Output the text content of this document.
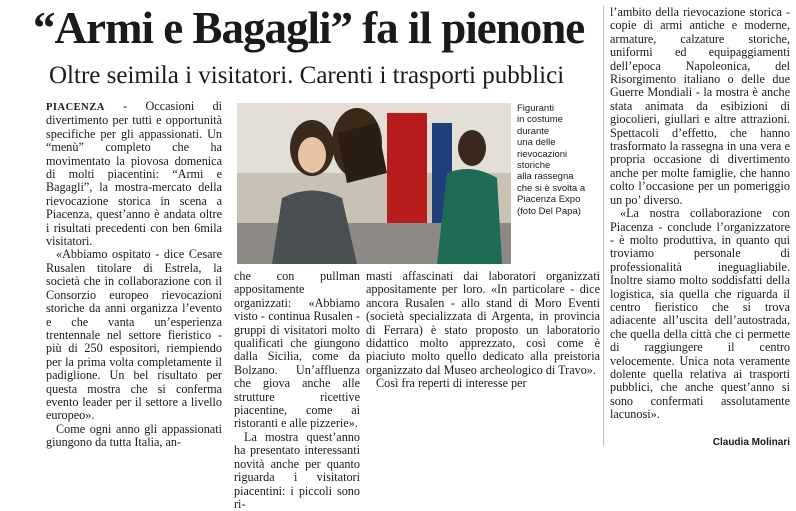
“Armi e Bagagli” fa il pienone
Oltre seimila i visitatori. Carenti i trasporti pubblici

PIACENZA - Occasioni di divertimento per tutti e opportunità specifiche per gli appassionati. Un “menù” completo che ha movimentato la piovosa domenica di molti piacentini: “Armi e Bagagli”, la mostra-mercato della rievocazione storica in scena a Piacenza, quest’anno è andata oltre i risultati precedenti con ben 6mila visitatori.

«Abbiamo ospitato - dice Cesare Rusalen titolare di Estrela, la società che in collaborazione con il Consorzio europeo rievocazioni storiche da anni organizza l’evento e che vanta un’esperienza trentennale nel settore fieristico - più di 250 espositori, riempiendo per la prima volta completamente il padiglione. Un bel risultato per questa mostra che si conferma evento leader per il settore a livello europeo».

Come ogni anno gli appassionati giungono da tutta Italia, an-

Figuranti
in costume
durante
una delle
rievocazioni
storiche
alla rassegna
che si è svolta a
Piacenza Expo
(foto Del Papa)

che con pullman appositamente organizzati: «Abbiamo visto - continua Rusalen - gruppi di visitatori molto qualificati che giungono dalla Sicilia, come da Bolzano. Un’affluenza che giova anche alle strutture ricettive piacentine, come ai ristoranti e alle pizzerie».

La mostra quest’anno ha presentato interessanti novità anche per quanto riguarda i visitatori piacentini: i piccoli sono ri-

masti affascinati dai laboratori organizzati appositamente per loro. «In particolare - dice ancora Rusalen - allo stand di Moro Eventi (società specializzata di Argenta, in provincia di Ferrara) è stato proposto un laboratorio didattico molto apprezzato, così come è piaciuto molto quello dedicato alla preistoria organizzato dal Museo archeologico di Travo».

Così fra reperti di interesse per

l’ambito della rievocazione storica - copie di armi antiche e moderne, armature, calzature storiche, uniformi ed equipaggiamenti dell’epoca Napoleonica, del Risorgimento italiano o delle due Guerre Mondiali - la mostra è anche stata animata da esibizioni di giocolieri, giullari e altre attrazioni. Spettacoli d’effetto, che hanno trasformato la rassegna in una vera e propria occasione di divertimento anche per molte famiglie, che hanno colto l’occasione per un pomeriggio un po’ diverso.

«La nostra collaborazione con Piacenza - conclude l’organizzatore - è molto produttiva, in quanto qui troviamo personale di professionalità ineguagliabile. Inoltre siamo molto soddisfatti della logistica, sia quella che riguarda il centro fieristico che si trova adiacente all’uscita dell’autostrada, che quella della città che ci permette di raggiungere il centro velocemente. Unica nota veramente dolente quella relativa ai trasporti pubblici, che anche quest’anno si sono confermati assolutamente lacunosi».

Claudia Molinari
